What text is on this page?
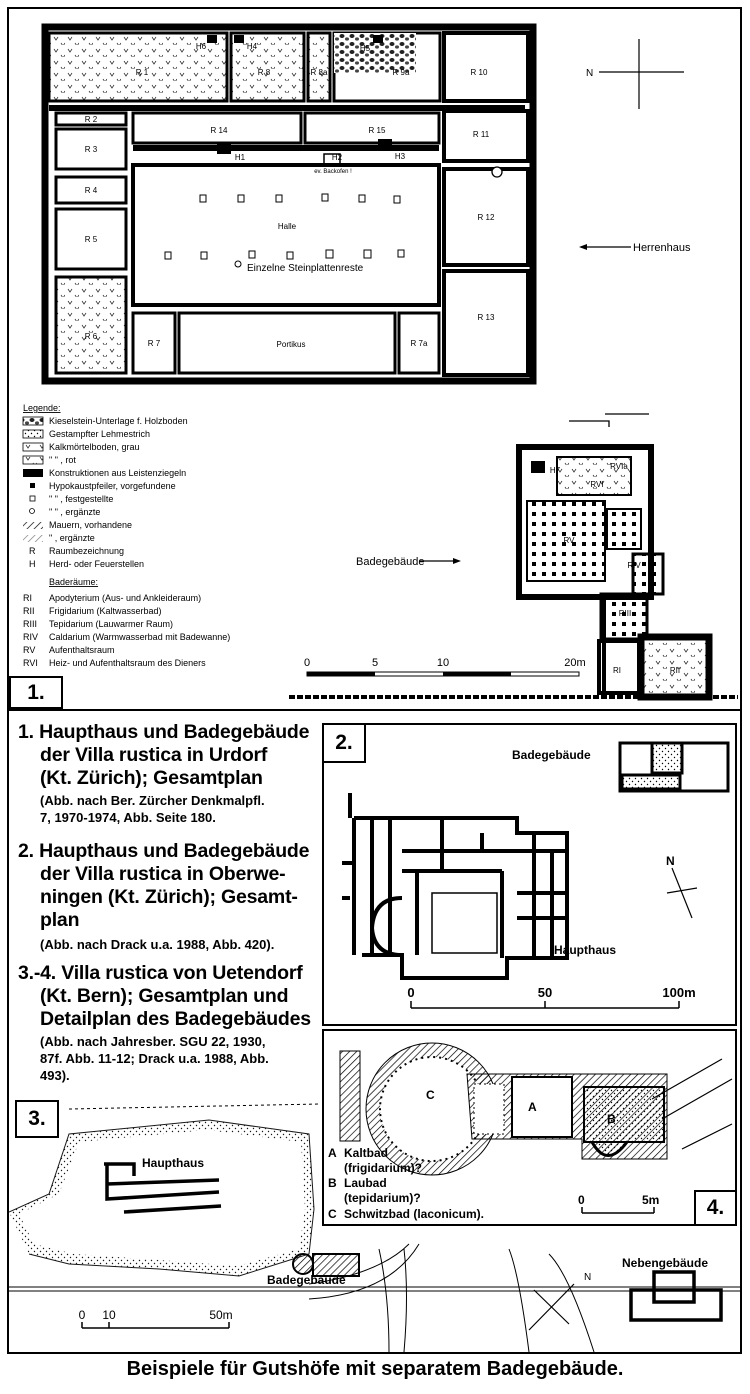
R 1	R 8	R 8a	R 9a	R 10
R 2
R 14	R 15	R 11
R 3
R 4
R 5
R 12
R 6
R 7	R 7a
R 13
Halle
Portikus
H1	H2	H3
H4	H5
H6
ev. Backofen !
Einzelne Steinplattenreste
N
Herrenhaus
H7	RVIa
RVI
RV
RIV
RIII
RI	RII
Badegebäude
0	5	10	20m
Legende:
Kieselstein-Unterlage f. Holzboden
Gestampfter Lehmestrich
Kalkmörtelboden, grau
" " , rot
Konstruktionen aus Leistenziegeln
Hypokaustpfeiler, vorgefundene
" " , festgestellte
" " , ergänzte
Mauern, vorhandene
" , ergänzte
R Raumbezeichnung
H Herd- oder Feuerstellen
Baderäume:
RI Apodyterium (Aus- und Ankleideraum)
RII Frigidarium (Kaltwasserbad)
RIII Tepidarium (Lauwarmer Raum)
RIV Caldarium (Warmwasserbad mit Badewanne)
RV Aufenthaltsraum
RVI Heiz- und Aufenthaltsraum des Dieners
1.
1. Haupthaus und Badegebäude
der Villa rustica in Urdorf
(Kt. Zürich); Gesamtplan
(Abb. nach Ber. Zürcher Denkmalpfl.
7, 1970-1974, Abb. Seite 180.
2. Haupthaus und Badegebäude
der Villa rustica in Oberwe-
ningen (Kt. Zürich); Gesamt-
plan
(Abb. nach Drack u.a. 1988, Abb. 420).
3.-4. Villa rustica von Uetendorf
(Kt. Bern); Gesamtplan und
Detailplan des Badegebäudes
(Abb. nach Jahresber. SGU 22, 1930,
87f. Abb. 11-12; Drack u.a. 1988, Abb.
493).
Badegebäude
Haupthaus
N
0	50	100m
2.
C
A
B
A Kaltbad
(frigidarium)?
B Laubad
(tepidarium)?
C Schwitzbad (laconicum).
0	5m	4.
Haupthaus
Badegebäude
Nebengebäude
N
0 10	50m
3.
Beispiele für Gutshöfe mit separatem Badegebäude.
